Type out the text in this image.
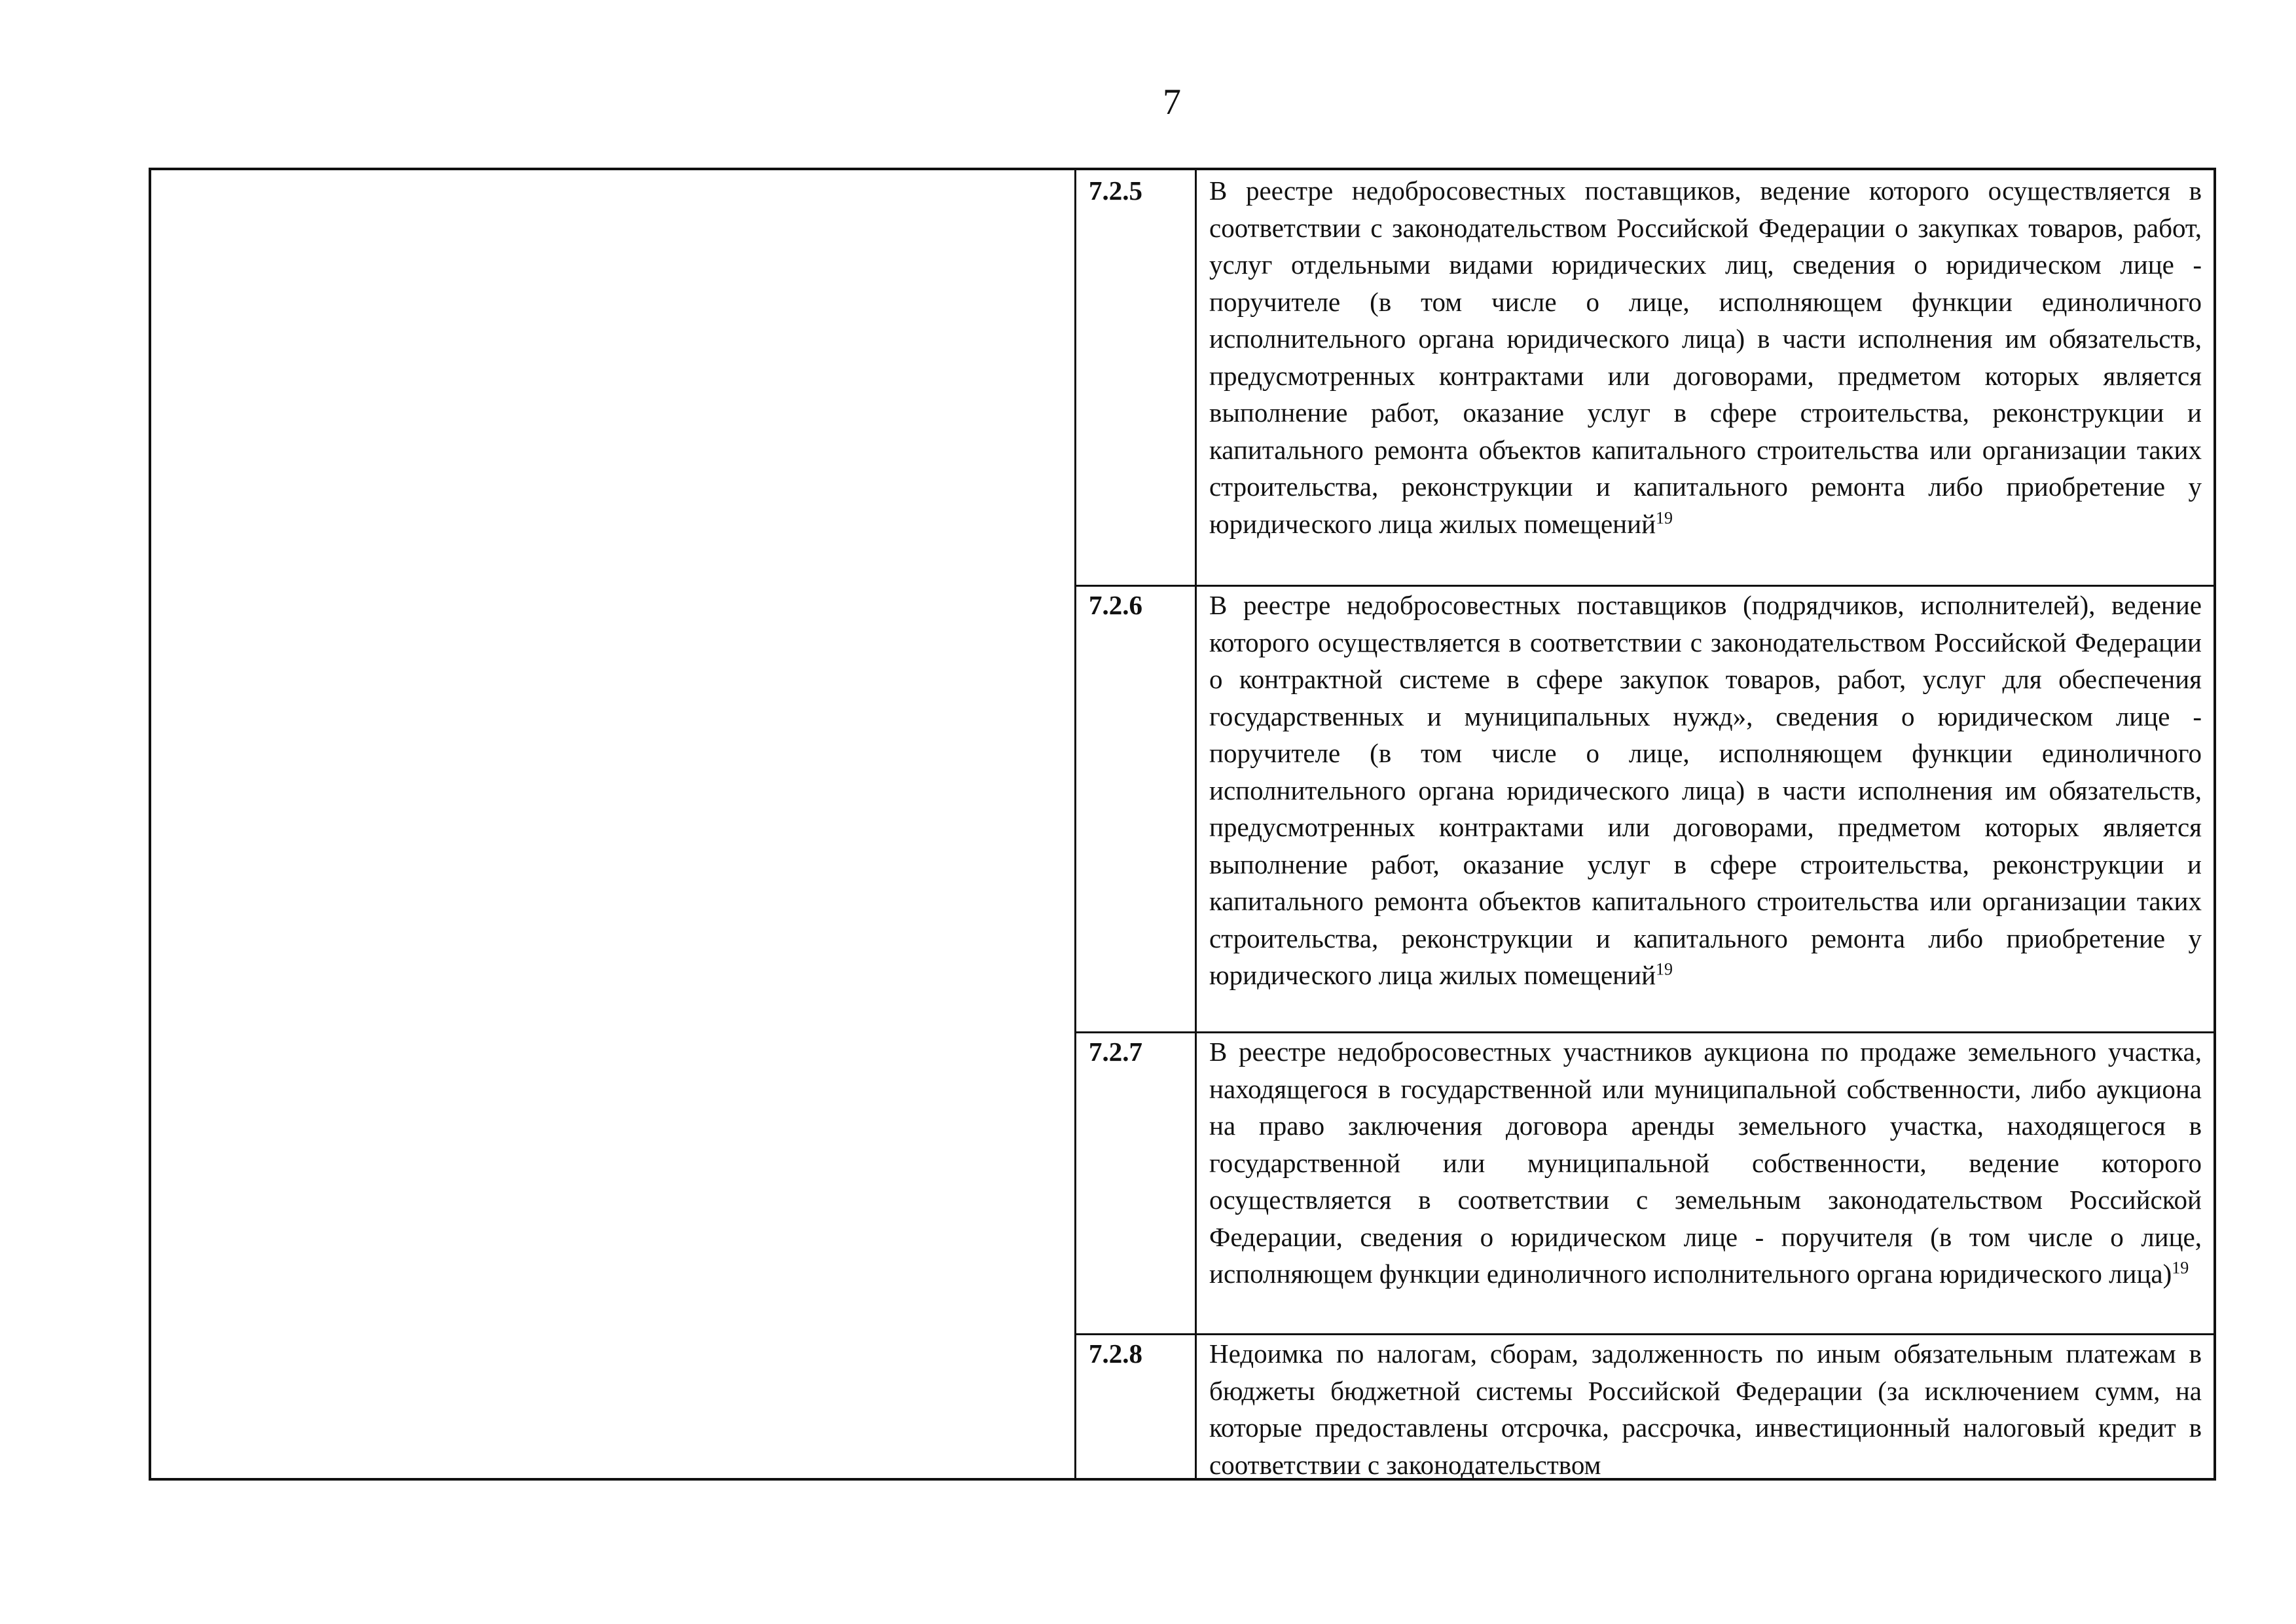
7
7.2.5	В реестре недобросовестных поставщиков, ведение которого осуществляется в соответствии с законодательством Российской Федерации о закупках товаров, работ, услуг отдельными видами юридических лиц, сведения о юридическом лице - поручителе (в том числе о лице, исполняющем функции единоличного исполнительного органа юридического лица) в части исполнения им обязательств, предусмотренных контрактами или договорами, предметом которых является выполнение работ, оказание услуг в сфере строительства, реконструкции и капитального ремонта объектов капитального строительства или организации таких строительства, реконструкции и капитального ремонта либо приобретение у юридического лица жилых помещений$^{19}$
7.2.6	В реестре недобросовестных поставщиков (подрядчиков, исполнителей), ведение которого осуществляется в соответствии с законодательством Российской Федерации о контрактной системе в сфере закупок товаров, работ, услуг для обеспечения государственных и муниципальных нужд», сведения о юридическом лице - поручителе (в том числе о лице, исполняющем функции единоличного исполнительного органа юридического лица) в части исполнения им обязательств, предусмотренных контрактами или договорами, предметом которых является выполнение работ, оказание услуг в сфере строительства, реконструкции и капитального ремонта объектов капитального строительства или организации таких строительства, реконструкции и капитального ремонта либо приобретение у юридического лица жилых помещений$^{19}$
7.2.7	В реестре недобросовестных участников аукциона по продаже земельного участка, находящегося в государственной или муниципальной собственности, либо аукциона на право заключения договора аренды земельного участка, находящегося в государственной или муниципальной собственности, ведение которого осуществляется в соответствии с земельным законодательством Российской Федерации, сведения о юридическом лице - поручителя (в том числе о лице, исполняющем функции единоличного исполнительного органа юридического лица)$^{19}$
7.2.8	Недоимка по налогам, сборам, задолженность по иным обязательным платежам в бюджеты бюджетной системы Российской Федерации (за исключением сумм, на которые предоставлены отсрочка, рассрочка, инвестиционный налоговый кредит в соответствии с законодательством
